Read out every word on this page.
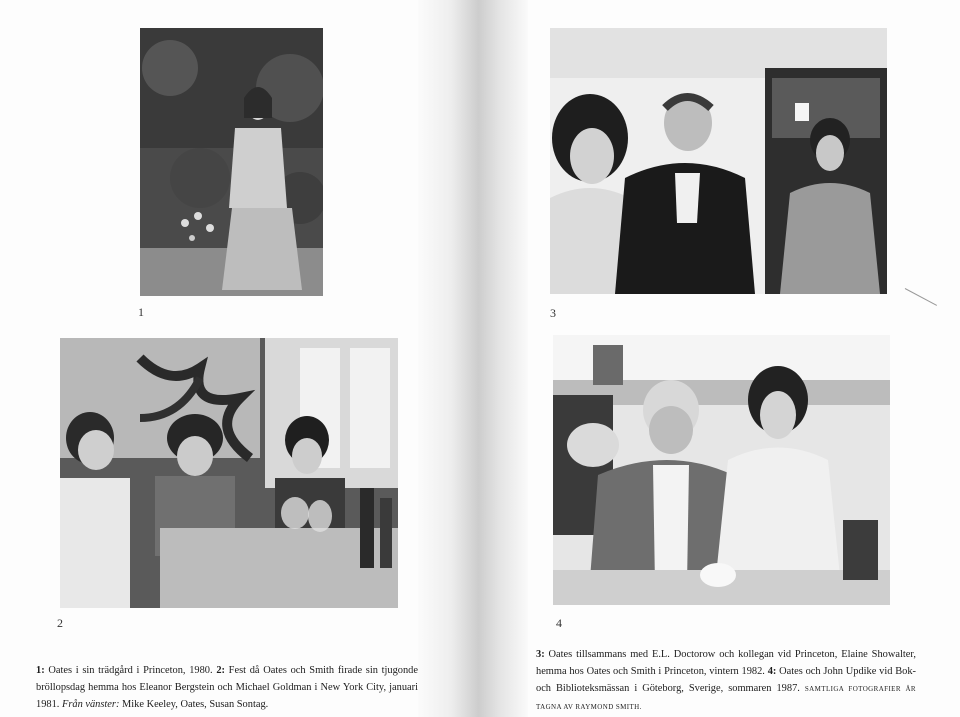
1
2
3
4
1: Oates i sin trädgård i Princeton, 1980. 2: Fest då Oates och Smith firade sin tjugonde bröllopsdag hemma hos Eleanor Bergstein och Michael Goldman i New York City, januari 1981. Från vänster: Mike Keeley, Oates, Susan Sontag.
3: Oates tillsammans med E.L. Doctorow och kollegan vid Princeton, Elaine Showalter, hemma hos Oates och Smith i Princeton, vintern 1982. 4: Oates och John Updike vid Bok- och Biblioteksmässan i Göteborg, Sverige, sommaren 1987. SAMTLIGA FOTOGRAFIER ÄR TAGNA AV RAYMOND SMITH.
